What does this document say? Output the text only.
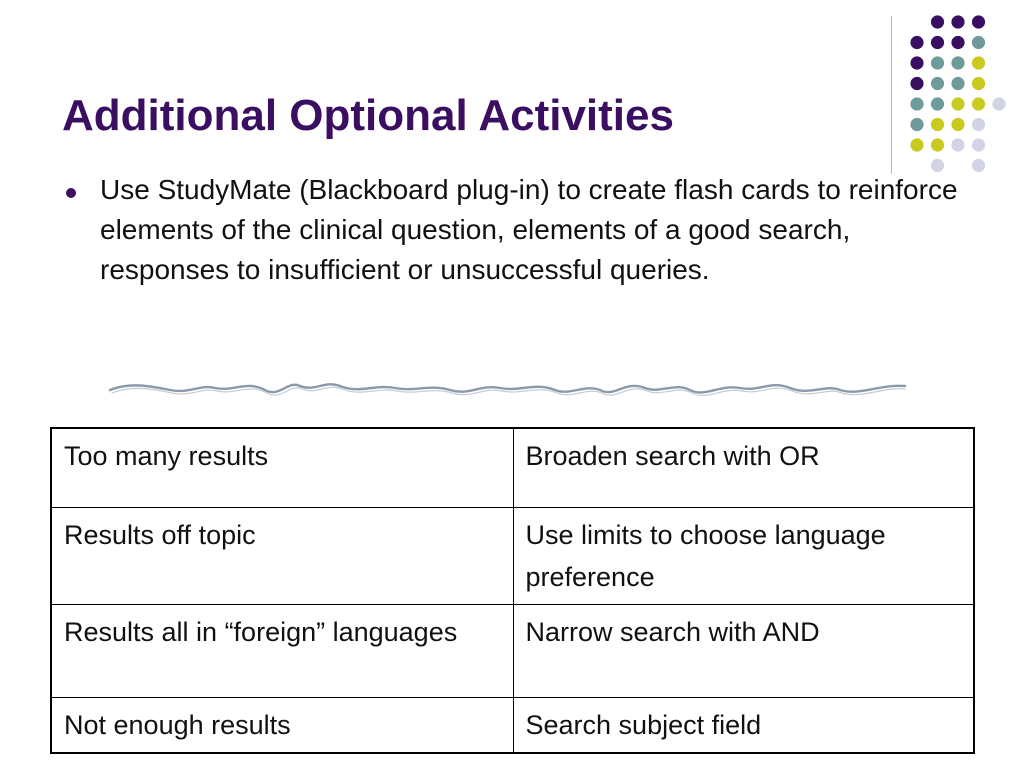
Additional Optional Activities
Use StudyMate (Blackboard plug-in) to create flash cards to reinforce elements of the clinical question, elements of a good search, responses to insufficient or unsuccessful queries.
Too many results	Broaden search with OR
Results off topic	Use limits to choose language preference
Results all in “foreign” languages	Narrow search with AND
Not enough results	Search subject field
